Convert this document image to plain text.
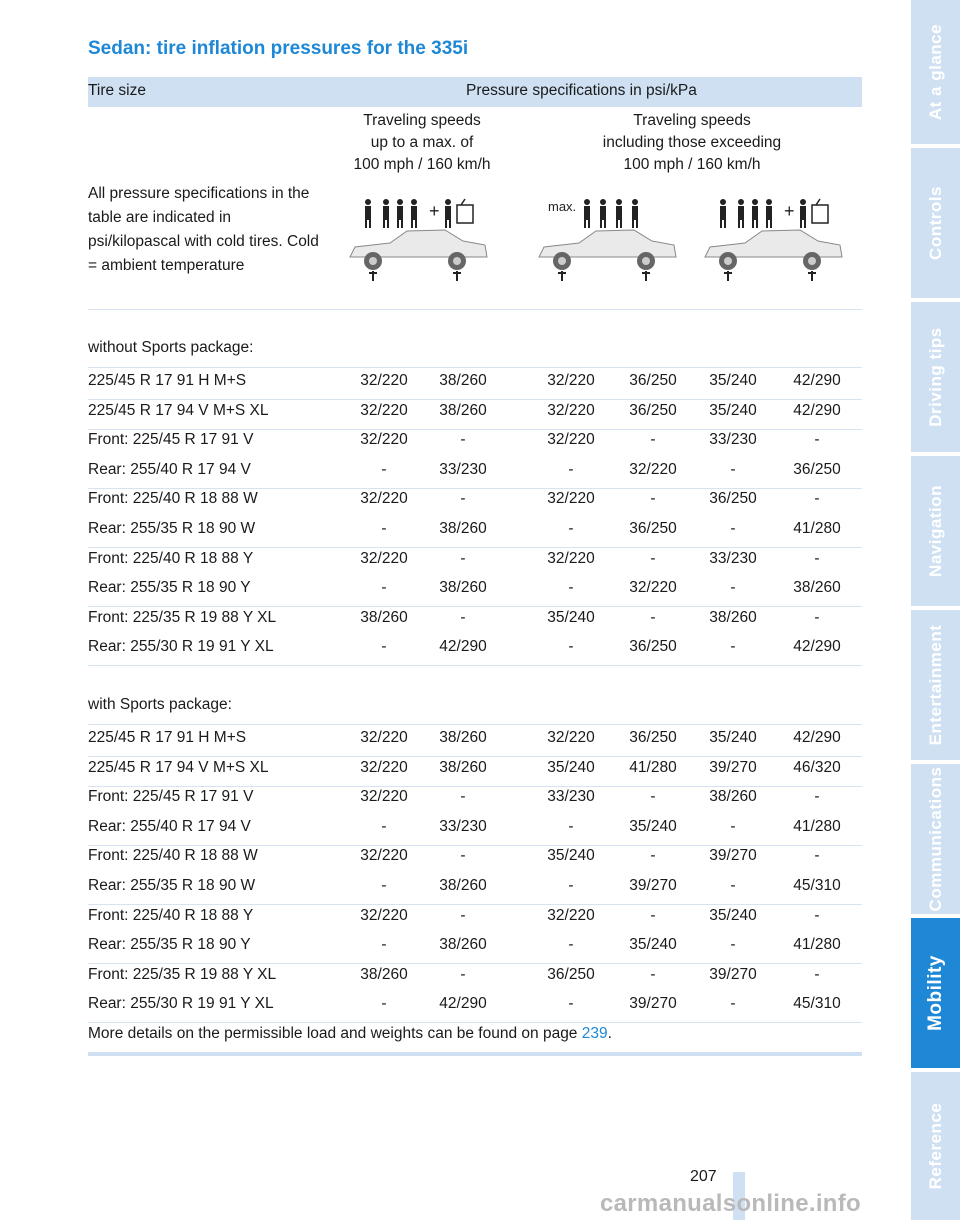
Sedan: tire inflation pressures for the 335i
Tire size	Pressure specifications in psi/kPa
Traveling speeds
up to a max. of
100 mph / 160 km/h
Traveling speeds
including those exceeding
100 mph / 160 km/h
All pressure specifications in the table are indicated in psi/kilopascal with cold tires. Cold = ambient temperature
+	max.	+
without Sports package:
225/45 R 17 91 H M+S	32/220	38/260	32/220	36/250	35/240	42/290
225/45 R 17 94 V M+S XL	32/220	38/260	32/220	36/250	35/240	42/290
Front: 225/45 R 17 91 V	32/220	-	32/220	-	33/230	-
Rear: 255/40 R 17 94 V	-	33/230	-	32/220	-	36/250
Front: 225/40 R 18 88 W	32/220	-	32/220	-	36/250	-
Rear: 255/35 R 18 90 W	-	38/260	-	36/250	-	41/280
Front: 225/40 R 18 88 Y	32/220	-	32/220	-	33/230	-
Rear: 255/35 R 18 90 Y	-	38/260	-	32/220	-	38/260
Front: 225/35 R 19 88 Y XL	38/260	-	35/240	-	38/260	-
Rear: 255/30 R 19 91 Y XL	-	42/290	-	36/250	-	42/290
with Sports package:
225/45 R 17 91 H M+S	32/220	38/260	32/220	36/250	35/240	42/290
225/45 R 17 94 V M+S XL	32/220	38/260	35/240	41/280	39/270	46/320
Front: 225/45 R 17 91 V	32/220	-	33/230	-	38/260	-
Rear: 255/40 R 17 94 V	-	33/230	-	35/240	-	41/280
Front: 225/40 R 18 88 W	32/220	-	35/240	-	39/270	-
Rear: 255/35 R 18 90 W	-	38/260	-	39/270	-	45/310
Front: 225/40 R 18 88 Y	32/220	-	32/220	-	35/240	-
Rear: 255/35 R 18 90 Y	-	38/260	-	35/240	-	41/280
Front: 225/35 R 19 88 Y XL	38/260	-	36/250	-	39/270	-
Rear: 255/30 R 19 91 Y XL	-	42/290	-	39/270	-	45/310
More details on the permissible load and weights can be found on page 239.
207
At a glance
Controls
Driving tips
Navigation
Entertainment
Communications
Mobility
Reference
carmanualsonline.info
